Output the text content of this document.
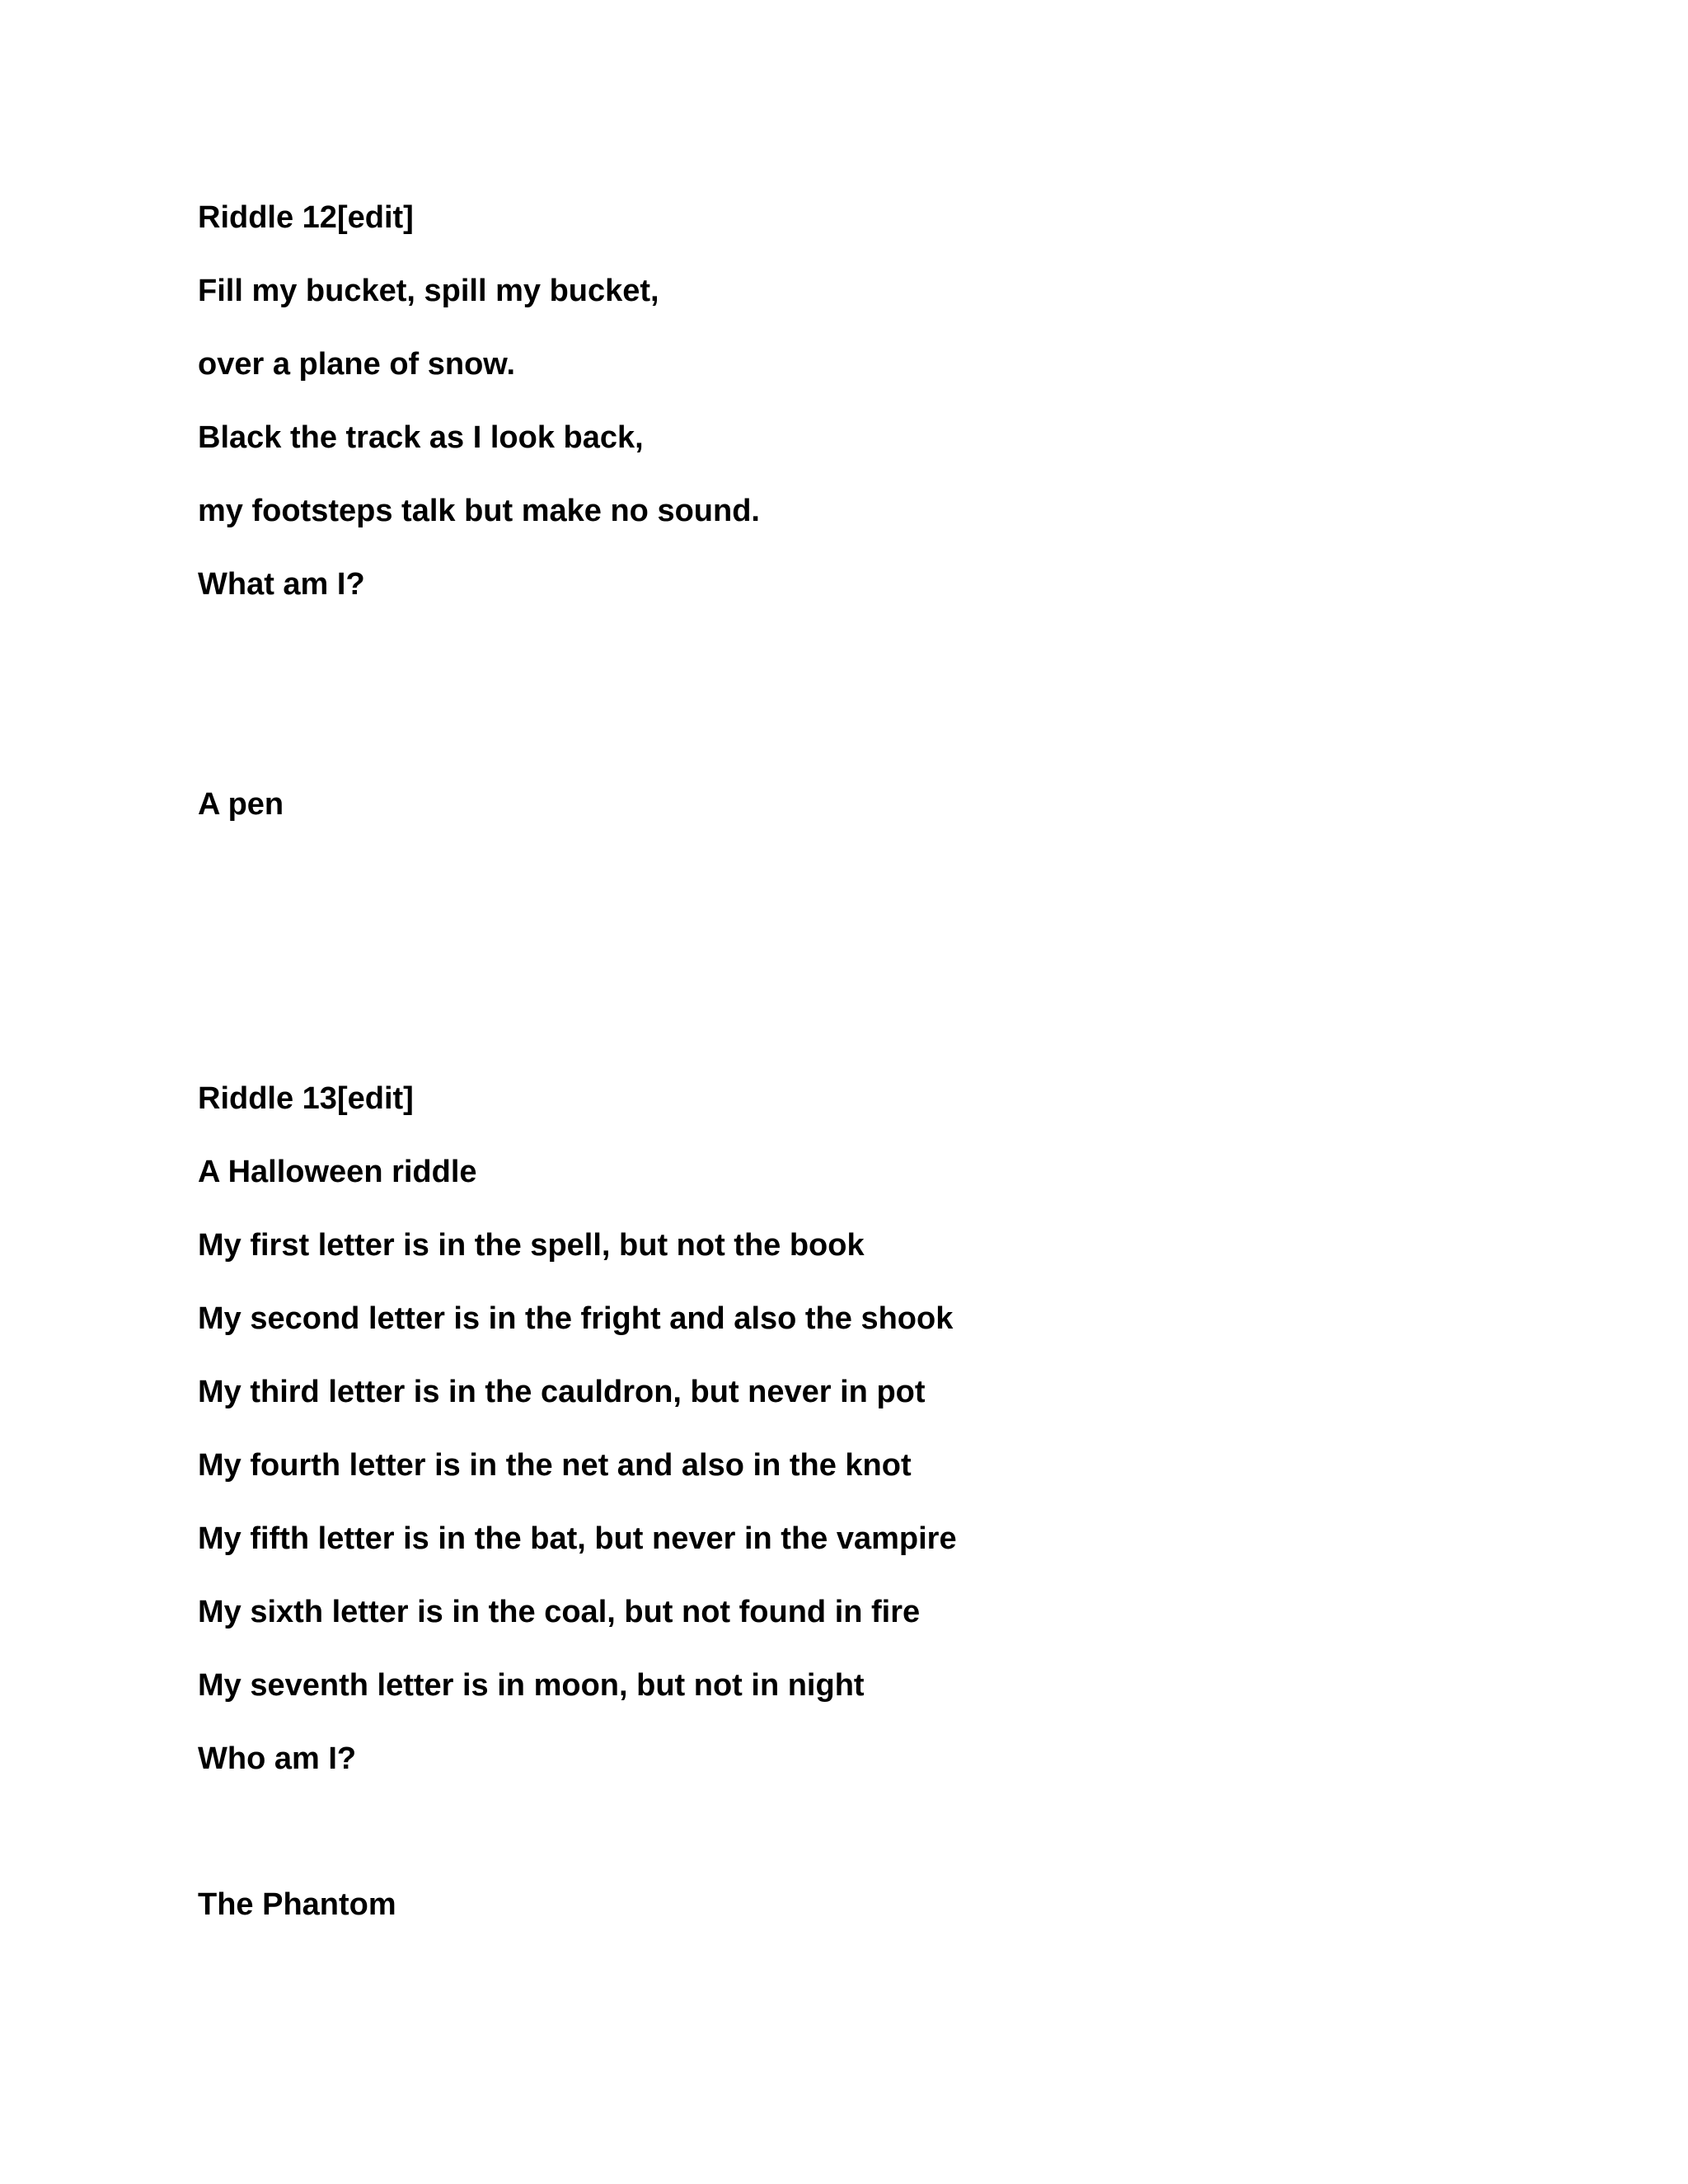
Riddle 12[edit]

Fill my bucket, spill my bucket,

over a plane of snow.

Black the track as I look back,

my footsteps talk but make no sound.

What am I?

A pen

Riddle 13[edit]

A Halloween riddle

My first letter is in the spell, but not the book

My second letter is in the fright and also the shook

My third letter is in the cauldron, but never in pot

My fourth letter is in the net and also in the knot

My fifth letter is in the bat, but never in the vampire

My sixth letter is in the coal, but not found in fire

My seventh letter is in moon, but not in night

Who am I?

The Phantom
